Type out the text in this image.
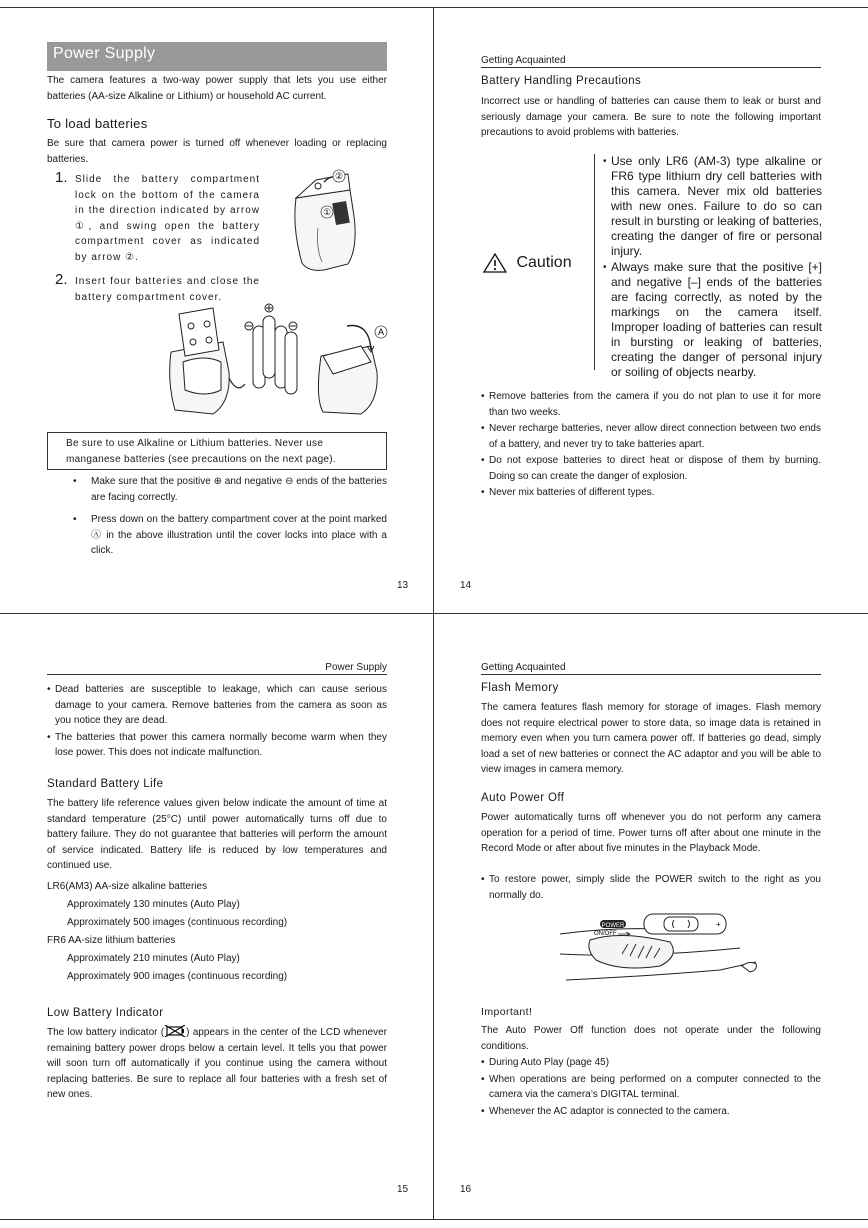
Power Supply

The camera features a two-way power supply that lets you use either batteries (AA-size Alkaline or Lithium) or household AC current.

To load batteries

Be sure that camera power is turned off whenever loading or replacing batteries.

1. Slide the battery compartment lock on the bottom of the camera in the direction indicated by arrow ①, and swing open the battery compartment cover as indicated by arrow ②.
②
①
2. Insert four batteries and close the battery compartment cover.
A
Be sure to use Alkaline or Lithium batteries. Never use manganese batteries (see precautions on the next page).
• Make sure that the positive ⊕ and negative ⊖ ends of the batteries are facing correctly.
• Press down on the battery compartment cover at the point marked Ⓐ in the above illustration until the cover locks into place with a click.
13
Getting Acquainted
Battery Handling Precautions

Incorrect use or handling of batteries can cause them to leak or burst and seriously damage your camera. Be sure to note the following important precautions to avoid problems with batteries.

Caution
• Use only LR6 (AM-3) type alkaline or FR6 type lithium dry cell batteries with this camera. Never mix old batteries with new ones. Failure to do so can result in bursting or leaking of batteries, creating the danger of fire or personal injury.
• Always make sure that the positive [+] and negative [–] ends of the batteries are facing correctly, as noted by the markings on the camera itself. Improper loading of batteries can result in bursting or leaking of batteries, creating the danger of personal injury or soiling of objects nearby.
• Remove batteries from the camera if you do not plan to use it for more than two weeks.
• Never recharge batteries, never allow direct connection between two ends of a battery, and never try to take batteries apart.
• Do not expose batteries to direct heat or dispose of them by burning. Doing so can create the danger of explosion.
• Never mix batteries of different types.
14
Power Supply
• Dead batteries are susceptible to leakage, which can cause serious damage to your camera. Remove batteries from the camera as soon as you notice they are dead.
• The batteries that power this camera normally become warm when they lose power. This does not indicate malfunction.
Standard Battery Life

The battery life reference values given below indicate the amount of time at standard temperature (25°C) until power automatically turns off due to battery failure. They do not guarantee that batteries will perform the amount of service indicated. Battery life is reduced by low temperatures and continued use.

LR6(AM3) AA-size alkaline batteries

Approximately 130 minutes (Auto Play)

Approximately 500 images (continuous recording)

FR6 AA-size lithium batteries

Approximately 210 minutes (Auto Play)

Approximately 900 images (continuous recording)

Low Battery Indicator

The low battery indicator ( ) appears in the center of the LCD whenever remaining battery power drops below a certain level. It tells you that power will soon turn off automatically if you continue using the camera without replacing batteries. Be sure to replace all four batteries with a fresh set of new ones.

15
Getting Acquainted
Flash Memory

The camera features flash memory for storage of images. Flash memory does not require electrical power to store data, so image data is retained in memory even when you turn camera power off. If batteries go dead, simply load a set of new batteries or connect the AC adaptor and you will be able to view images in camera memory.

Auto Power Off

Power automatically turns off whenever you do not perform any camera operation for a period of time. Power turns off after about one minute in the Record Mode or after about five minutes in the Playback Mode.

• To restore power, simply slide the POWER switch to the right as you normally do.
+
POWER
ON/OFF
Important!

The Auto Power Off function does not operate under the following conditions.

• During Auto Play (page 45)
• When operations are being performed on a computer connected to the camera via the camera’s DIGITAL terminal.
• Whenever the AC adaptor is connected to the camera.
16
